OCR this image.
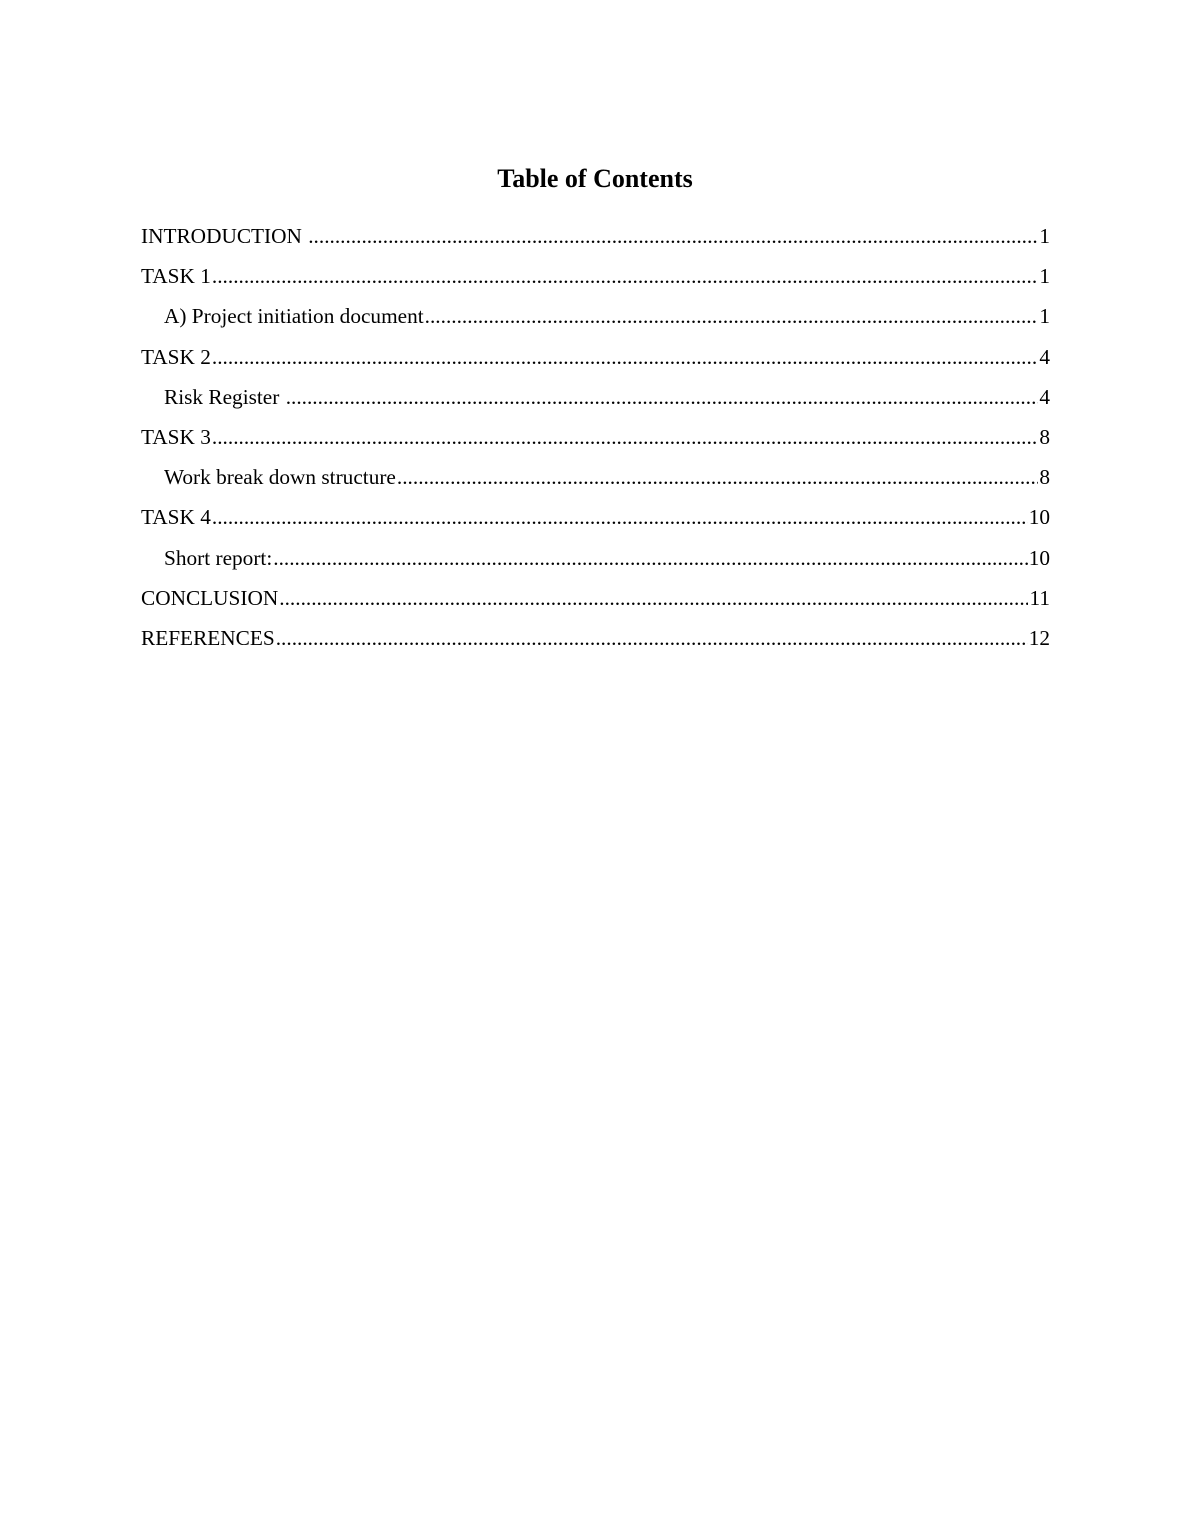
Table of Contents
INTRODUCTION .....	1
TASK 1 .....	1
A) Project initiation document .....	1
TASK 2 .....	4
Risk Register .....	4
TASK 3 .....	8
Work break down structure .....	8
TASK 4 .....	10
Short report: .....	10
CONCLUSION .....	11
REFERENCES .....	12
